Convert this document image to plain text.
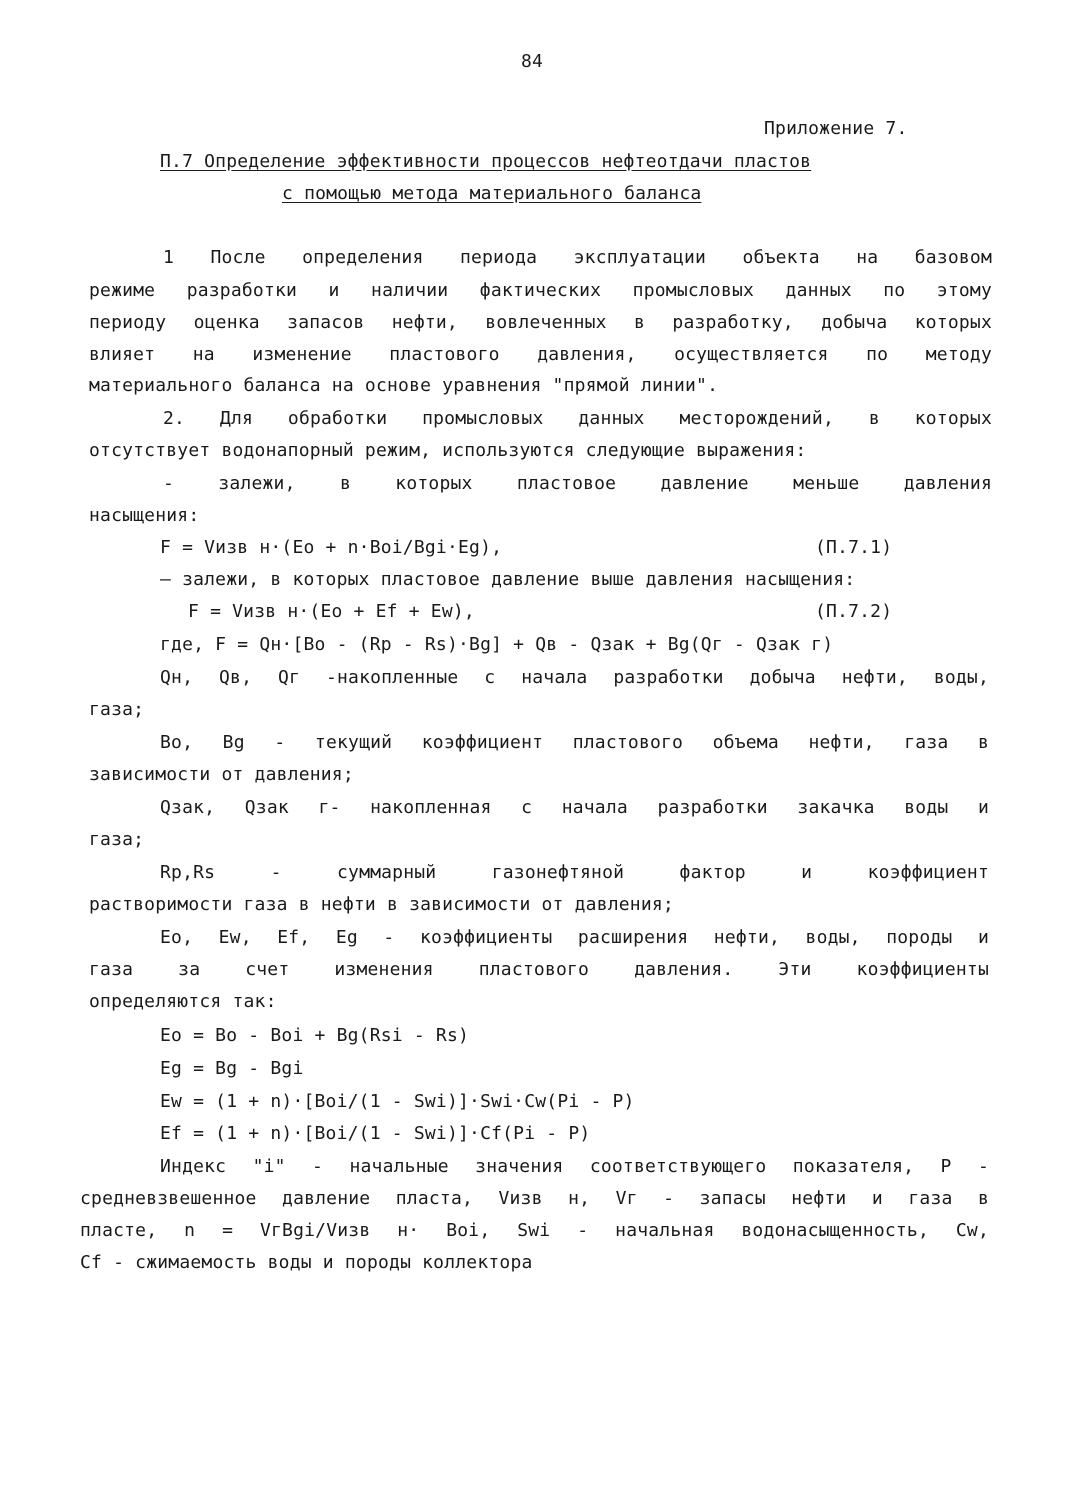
84
Приложение 7.
П.7 Определение эффективности процессов нефтеотдачи пластов
с помощью метода материального баланса
1 После определения периода эксплуатации объекта на базовом
режиме разработки и наличии фактических промысловых данных по этому
периоду оценка запасов нефти, вовлеченных в разработку, добыча которых
влияет на изменение пластового давления, осуществляется по методу
материального баланса на основе уравнения "прямой линии".
2. Для обработки промысловых данных месторождений, в которых
отсутствует водонапорный режим, используются следующие выражения:
- залежи, в которых пластовое давление меньше давления
насыщения:
F = Vизв н·(Eo + n·Boi/Bgi·Eg),	(П.7.1)
– залежи, в которых пластовое давление выше давления насыщения:
F = Vизв н·(Eo + Ef + Ew),	(П.7.2)
где, F = Qн·[Bo - (Rp - Rs)·Bg] + Qв - Qзак + Bg(Qг - Qзак г)
Qн, Qв, Qг -накопленные с начала разработки добыча нефти, воды,
газа;
Bo, Bg - текущий коэффициент пластового объема нефти, газа в
зависимости от давления;
Qзак, Qзак г- накопленная с начала разработки закачка воды и
газа;
Rp,Rs - суммарный газонефтяной фактор и коэффициент
растворимости газа в нефти в зависимости от давления;
Eo, Ew, Ef, Eg - коэффициенты расширения нефти, воды, породы и
газа за счет изменения пластового давления. Эти коэффициенты
определяются так:
Eo = Bo - Boi + Bg(Rsi - Rs)
Eg = Bg - Bgi
Ew = (1 + n)·[Boi/(1 - Swi)]·Swi·Cw(Pi - P)
Ef = (1 + n)·[Boi/(1 - Swi)]·Cf(Pi - P)
Индекс "i" - начальные значения соответствующего показателя, P -
средневзвешенное давление пласта, Vизв н, Vг - запасы нефти и газа в
пласте, n = VгBgi/Vизв н· Boi, Swi - начальная водонасыщенность, Cw,
Cf - сжимаемость воды и породы коллектора
